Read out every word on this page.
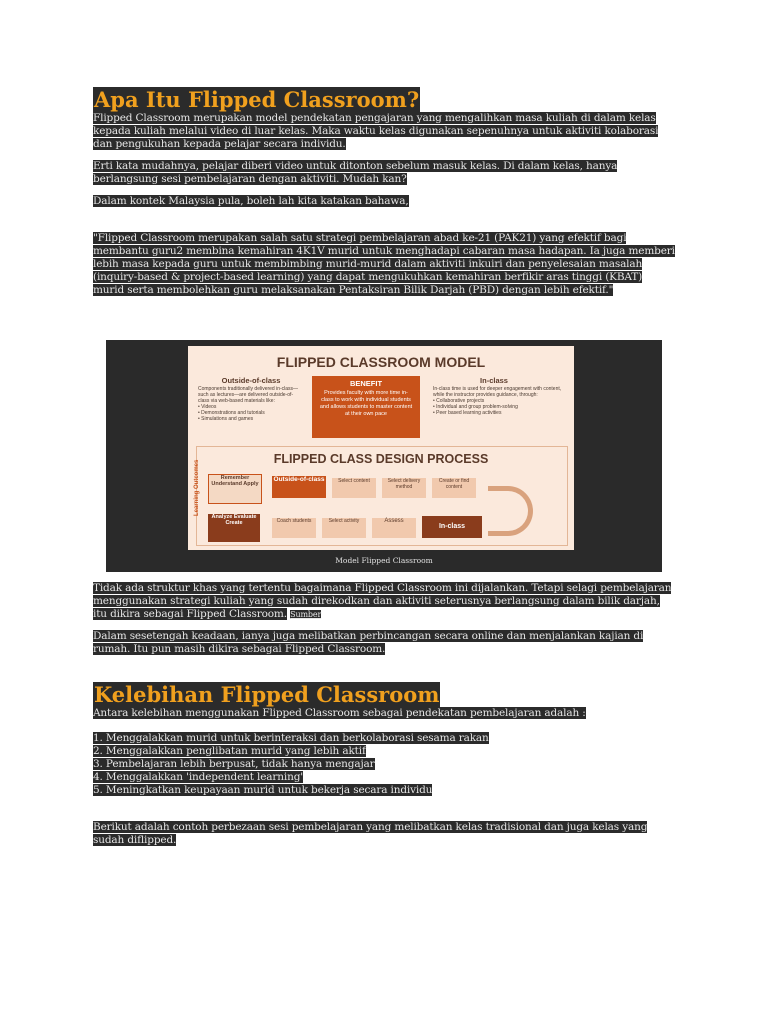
Apa Itu Flipped Classroom?

Flipped Classroom merupakan model pendekatan pengajaran yang mengalihkan masa kuliah di dalam kelas kepada kuliah melalui video di luar kelas. Maka waktu kelas digunakan sepenuhnya untuk aktiviti kolaborasi dan pengukuhan kepada pelajar secara individu.

Erti kata mudahnya, pelajar diberi video untuk ditonton sebelum masuk kelas. Di dalam kelas, hanya berlangsung sesi pembelajaran dengan aktiviti. Mudah kan?

Dalam kontek Malaysia pula, boleh lah kita katakan bahawa,

"Flipped Classroom merupakan salah satu strategi pembelajaran abad ke-21 (PAK21) yang efektif bagi membantu guru2 membina kemahiran 4K1V murid untuk menghadapi cabaran masa hadapan. Ia juga memberi lebih masa kepada guru untuk membimbing murid-murid dalam aktiviti inkuiri dan penyelesaian masalah (inquiry-based & project-based learning) yang dapat mengukuhkan kemahiran berfikir aras tinggi (KBAT) murid serta membolehkan guru melaksanakan Pentaksiran Bilik Darjah (PBD) dengan lebih efektif."

FLIPPED CLASSROOM MODEL
Outside-of-class
Components traditionally delivered in-class—such as lectures—are delivered outside-of-class via web-based materials like:
• Videos
• Demonstrations and tutorials
• Simulations and games
BENEFIT
Provides faculty with more time in-class to work with individual students and allows students to master content at their own pace
In-class
In-class time is used for deeper engagement with content, while the instructor provides guidance, through:
• Collaborative projects
• Individual and group problem-solving
• Peer based learning activities
FLIPPED CLASS DESIGN PROCESS
Learning Outcomes	Remember Understand Apply
Analyze Evaluate Create
Outside-of-class	Select content	Select delivery method
Create or find content
Coach students	Select activity	Assess
In-class
Model Flipped Classroom

Tidak ada struktur khas yang tertentu bagaimana Flipped Classroom ini dijalankan. Tetapi selagi pembelajaran menggunakan strategi kuliah yang sudah direkodkan dan aktiviti seterusnya berlangsung dalam bilik darjah, itu dikira sebagai Flipped Classroom. Sumber

Dalam sesetengah keadaan, ianya juga melibatkan perbincangan secara online dan menjalankan kajian di rumah. Itu pun masih dikira sebagai Flipped Classroom.

Kelebihan Flipped Classroom

Antara kelebihan menggunakan Flipped Classroom sebagai pendekatan pembelajaran adalah :

1. Menggalakkan murid untuk berinteraksi dan berkolaborasi sesama rakan

2. Menggalakkan penglibatan murid yang lebih aktif

3. Pembelajaran lebih berpusat, tidak hanya mengajar

4. Menggalakkan 'independent learning'

5. Meningkatkan keupayaan murid untuk bekerja secara individu

Berikut adalah contoh perbezaan sesi pembelajaran yang melibatkan kelas tradisional dan juga kelas yang sudah diflipped.
